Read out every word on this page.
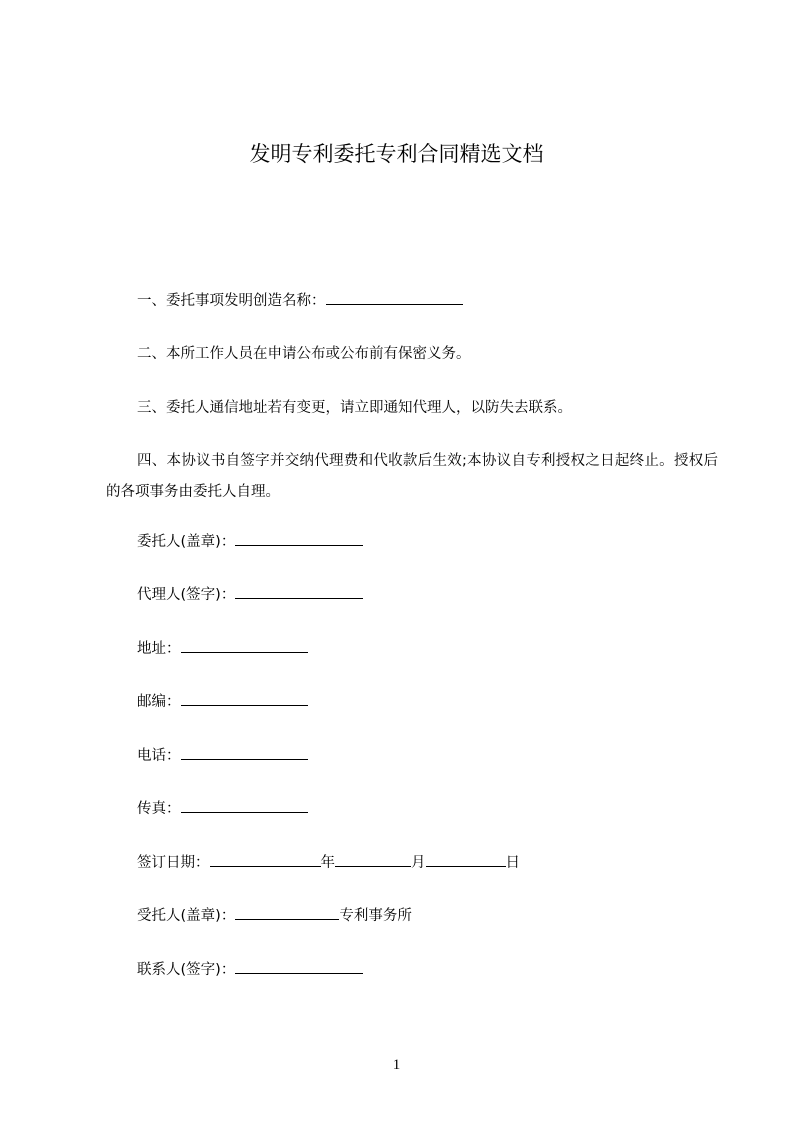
发明专利委托专利合同精选文档
一、委托事项发明创造名称：
二、本所工作人员在申请公布或公布前有保密义务。
三、委托人通信地址若有变更，请立即通知代理人，以防失去联系。
四、本协议书自签字并交纳代理费和代收款后生效;本协议自专利授权之日起终止。授权后的各项事务由委托人自理。
委托人(盖章)：
代理人(签字)：
地址：
邮编：
电话：
传真：
签订日期：	年	月	日
受托人(盖章)：	专利事务所
联系人(签字)：
1
